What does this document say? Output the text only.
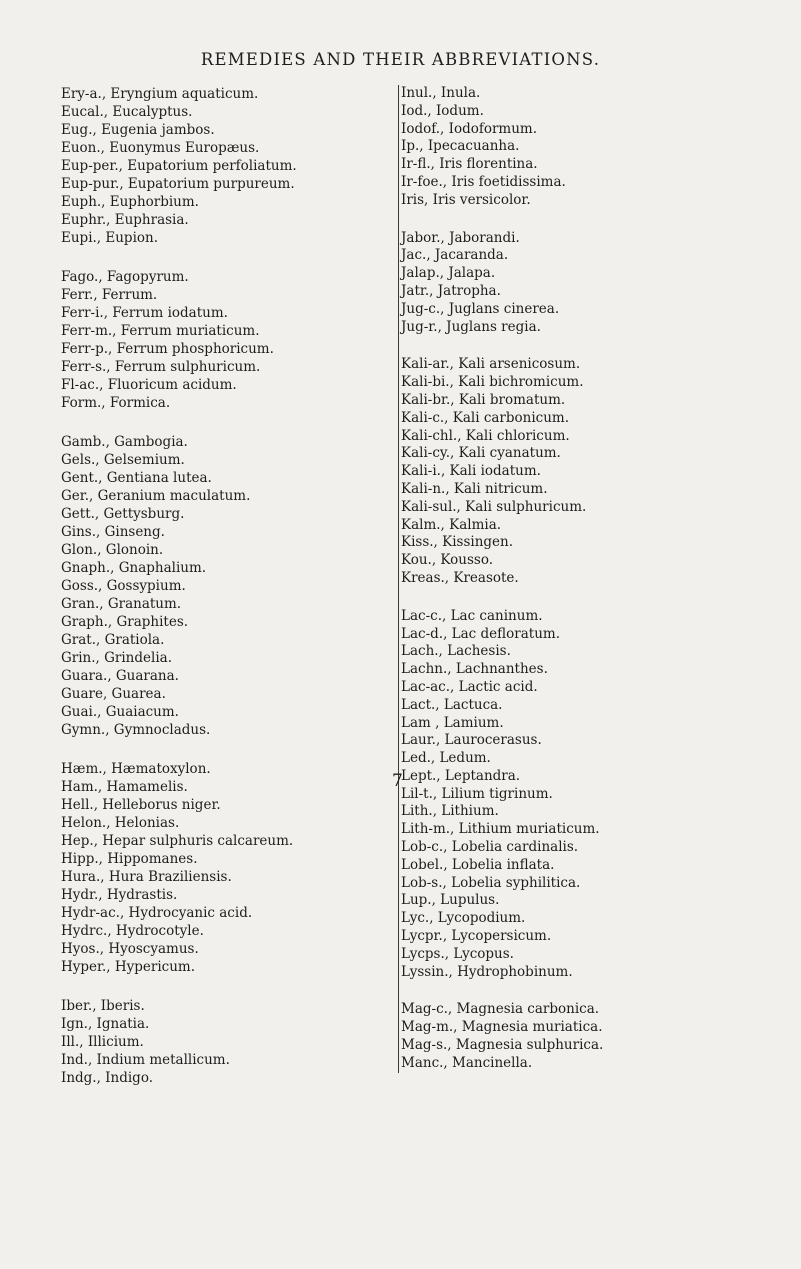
REMEDIES AND THEIR ABBREVIATIONS.
Ery-a., Eryngium aquaticum.
Eucal., Eucalyptus.
Eug., Eugenia jambos.
Euon., Euonymus Europæus.
Eup-per., Eupatorium perfoliatum.
Eup-pur., Eupatorium purpureum.
Euph., Euphorbium.
Euphr., Euphrasia.
Eupi., Eupion.
Fago., Fagopyrum.
Ferr., Ferrum.
Ferr-i., Ferrum iodatum.
Ferr-m., Ferrum muriaticum.
Ferr-p., Ferrum phosphoricum.
Ferr-s., Ferrum sulphuricum.
Fl-ac., Fluoricum acidum.
Form., Formica.
Gamb., Gambogia.
Gels., Gelsemium.
Gent., Gentiana lutea.
Ger., Geranium maculatum.
Gett., Gettysburg.
Gins., Ginseng.
Glon., Glonoin.
Gnaph., Gnaphalium.
Goss., Gossypium.
Gran., Granatum.
Graph., Graphites.
Grat., Gratiola.
Grin., Grindelia.
Guara., Guarana.
Guare, Guarea.
Guai., Guaiacum.
Gymn., Gymnocladus.
Hæm., Hæmatoxylon.
Ham., Hamamelis.
Hell., Helleborus niger.
Helon., Helonias.
Hep., Hepar sulphuris calcareum.
Hipp., Hippomanes.
Hura., Hura Braziliensis.
Hydr., Hydrastis.
Hydr-ac., Hydrocyanic acid.
Hydrc., Hydrocotyle.
Hyos., Hyoscyamus.
Hyper., Hypericum.
Iber., Iberis.
Ign., Ignatia.
Ill., Illicium.
Ind., Indium metallicum.
Indg., Indigo.
Inul., Inula.
Iod., Iodum.
Iodof., Iodoformum.
Ip., Ipecacuanha.
Ir-fl., Iris florentina.
Ir-foe., Iris foetidissima.
Iris, Iris versicolor.
Jabor., Jaborandi.
Jac., Jacaranda.
Jalap., Jalapa.
Jatr., Jatropha.
Jug-c., Juglans cinerea.
Jug-r., Juglans regia.
Kali-ar., Kali arsenicosum.
Kali-bi., Kali bichromicum.
Kali-br., Kali bromatum.
Kali-c., Kali carbonicum.
Kali-chl., Kali chloricum.
Kali-cy., Kali cyanatum.
Kali-i., Kali iodatum.
Kali-n., Kali nitricum.
Kali-sul., Kali sulphuricum.
Kalm., Kalmia.
Kiss., Kissingen.
Kou., Kousso.
Kreas., Kreasote.
Lac-c., Lac caninum.
Lac-d., Lac defloratum.
Lach., Lachesis.
Lachn., Lachnanthes.
Lac-ac., Lactic acid.
Lact., Lactuca.
Lam , Lamium.
Laur., Laurocerasus.
Led., Ledum.
Lept., Leptandra.
Lil-t., Lilium tigrinum.
Lith., Lithium.
Lith-m., Lithium muriaticum.
Lob-c., Lobelia cardinalis.
Lobel., Lobelia inflata.
Lob-s., Lobelia syphilitica.
Lup., Lupulus.
Lyc., Lycopodium.
Lycpr., Lycopersicum.
Lycps., Lycopus.
Lyssin., Hydrophobinum.
Mag-c., Magnesia carbonica.
Mag-m., Magnesia muriatica.
Mag-s., Magnesia sulphurica.
Manc., Mancinella.
7
